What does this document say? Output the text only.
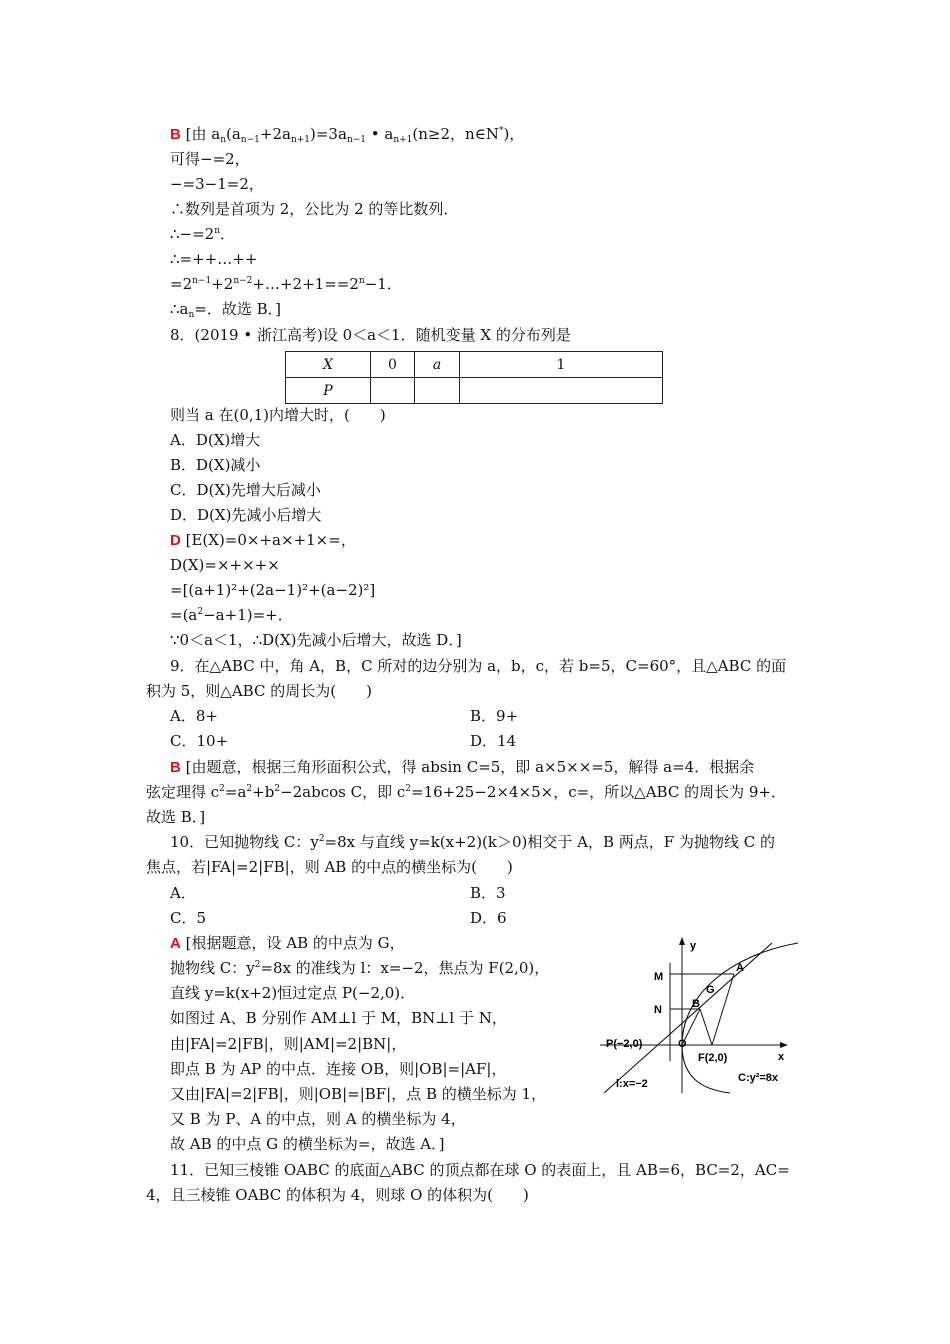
B [由 $a_n(a_{n-1}+2a_{n+1})=3a_{n-1}$ • $a_{n+1}(n\ge 2$，n∈N*)，
可得−=2，
−=3−1=2，
∴数列是首项为 2，公比为 2 的等比数列．
$\therefore-=2^n$．
∴=++…++
$=2^{n-1}+2^{n-2}+\dots+2+1==2^n-1$．
$\therefore a_n=$．故选 B．]
8．(2019 • 浙江高考)设 0＜a＜1．随机变量 X 的分布列是
X	0	a	1
P			
则当 a 在(0,1)内增大时，(　　)
A．D(X)增大
B．D(X)减小
C．D(X)先增大后减小
D．D(X)先减小后增大
D [E(X)=0×+a×+1×=，
D(X)=×+×+×
=[(a+1)²+(2a−1)²+(a−2)²]
$=(a^2-a+1)=+$．
∵0＜a＜1，∴D(X)先减小后增大，故选 D．]
9．在△ABC 中，角 A，B，C 所对的边分别为 a，b，c，若 b=5，C=60°，且△ABC 的面
积为 5，则△ABC 的周长为(　　)
A．8+	B．9+
C．10+	D．14
B [由题意，根据三角形面积公式，得 absin C=5，即 a×5××=5，解得 a=4．根据余
弦定理得 $c^2=a^2+b^2-2abcos$ C，即 $c^2=16+25-2\times 4\times 5\times$，c=，所以△ABC 的周长为 9+．
故选 B．]
10．已知抛物线 C：$y^2=8x$ 与直线 y=k(x+2)(k＞0)相交于 A，B 两点，F 为抛物线 C 的
焦点，若|FA|=2|FB|，则 AB 的中点的横坐标为(　　)
A．	B．3
C．5	D．6
A [根据题意，设 AB 的中点为 G，
抛物线 C：$y^2=8x$ 的准线为 l：x=−2，焦点为 F(2,0)，
直线 y=k(x+2)恒过定点 P(−2,0)．
如图过 A、B 分别作 AM⊥l 于 M，BN⊥l 于 N，
由|FA|=2|FB|，则|AM|=2|BN|，
即点 B 为 AP 的中点．连接 OB，则|OB|=|AF|，
又由|FA|=2|FB|，则|OB|=|BF|，点 B 的横坐标为 1，
又 B 为 P、A 的中点，则 A 的横坐标为 4，
故 AB 的中点 G 的横坐标为=，故选 A．]
y
x
M
N
A
B
G
O
P(−2,0)
F(2,0)
l:x=−2	C:y²=8x
11．已知三棱锥 OABC 的底面△ABC 的顶点都在球 O 的表面上，且 AB=6，BC=2，AC=
4，且三棱锥 OABC 的体积为 4，则球 O 的体积为(　　)
